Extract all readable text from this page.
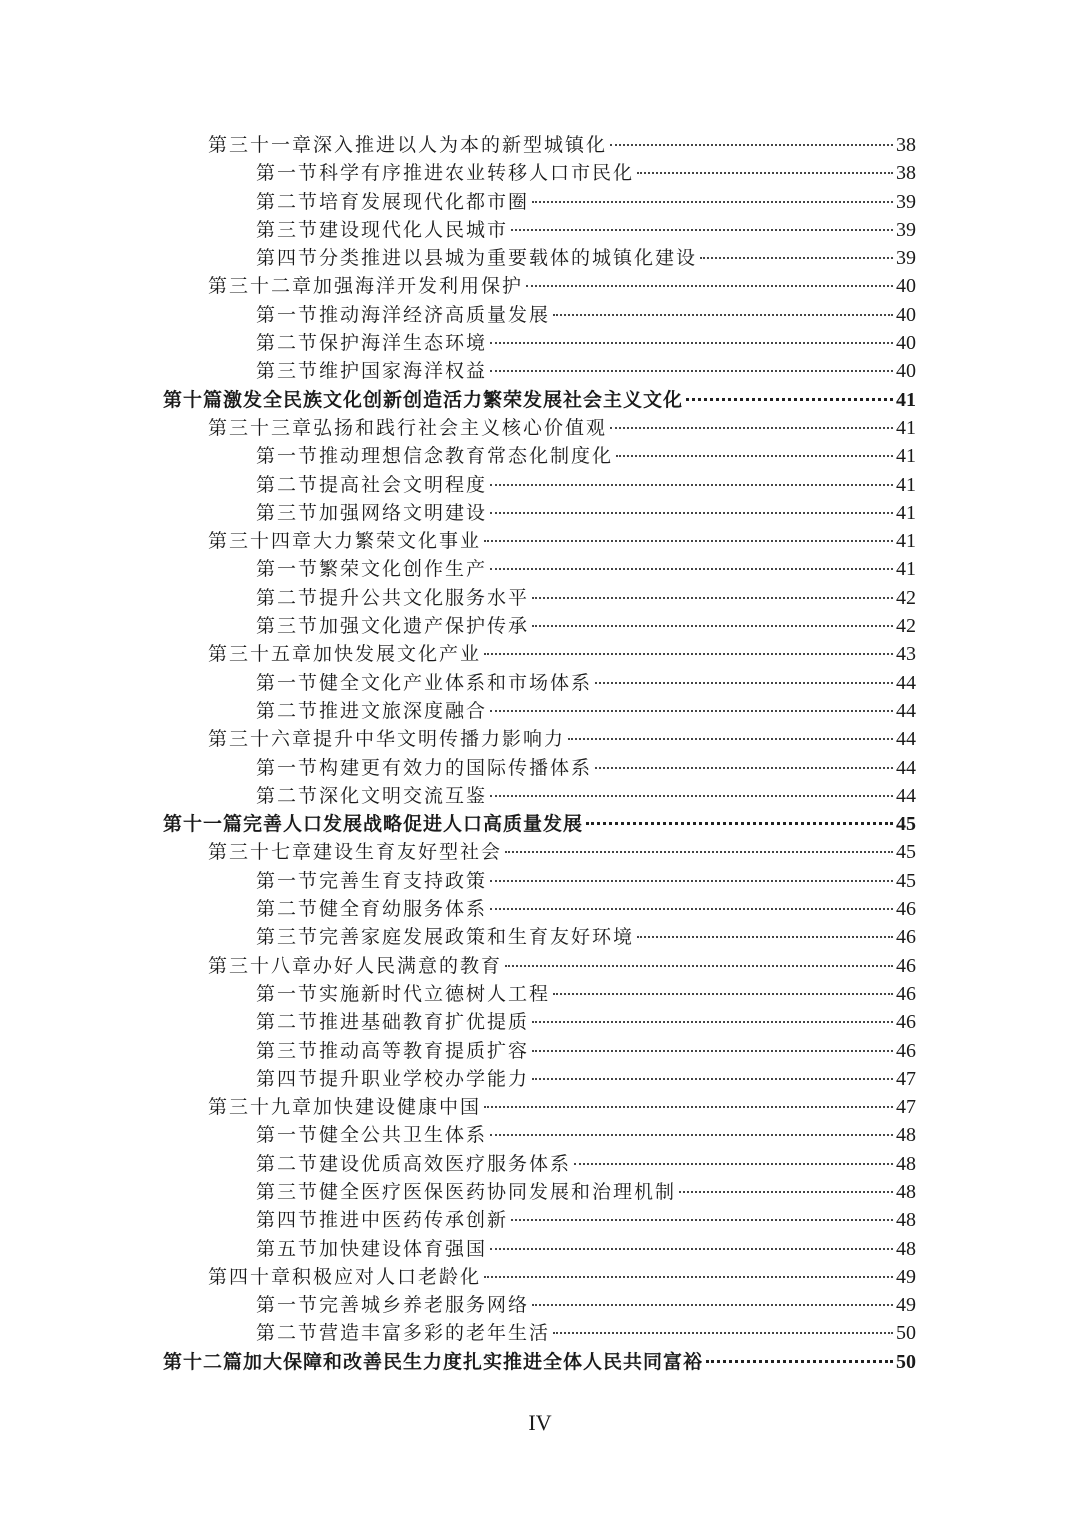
第三十一章深入推进以人为本的新型城镇化	38
第一节科学有序推进农业转移人口市民化	38
第二节培育发展现代化都市圈	39
第三节建设现代化人民城市	39
第四节分类推进以县城为重要载体的城镇化建设	39
第三十二章加强海洋开发利用保护	40
第一节推动海洋经济高质量发展	40
第二节保护海洋生态环境	40
第三节维护国家海洋权益	40
第十篇激发全民族文化创新创造活力繁荣发展社会主义文化	41
第三十三章弘扬和践行社会主义核心价值观	41
第一节推动理想信念教育常态化制度化	41
第二节提高社会文明程度	41
第三节加强网络文明建设	41
第三十四章大力繁荣文化事业	41
第一节繁荣文化创作生产	41
第二节提升公共文化服务水平	42
第三节加强文化遗产保护传承	42
第三十五章加快发展文化产业	43
第一节健全文化产业体系和市场体系	44
第二节推进文旅深度融合	44
第三十六章提升中华文明传播力影响力	44
第一节构建更有效力的国际传播体系	44
第二节深化文明交流互鉴	44
第十一篇完善人口发展战略促进人口高质量发展	45
第三十七章建设生育友好型社会	45
第一节完善生育支持政策	45
第二节健全育幼服务体系	46
第三节完善家庭发展政策和生育友好环境	46
第三十八章办好人民满意的教育	46
第一节实施新时代立德树人工程	46
第二节推进基础教育扩优提质	46
第三节推动高等教育提质扩容	46
第四节提升职业学校办学能力	47
第三十九章加快建设健康中国	47
第一节健全公共卫生体系	48
第二节建设优质高效医疗服务体系	48
第三节健全医疗医保医药协同发展和治理机制	48
第四节推进中医药传承创新	48
第五节加快建设体育强国	48
第四十章积极应对人口老龄化	49
第一节完善城乡养老服务网络	49
第二节营造丰富多彩的老年生活	50
第十二篇加大保障和改善民生力度扎实推进全体人民共同富裕	50
IV
